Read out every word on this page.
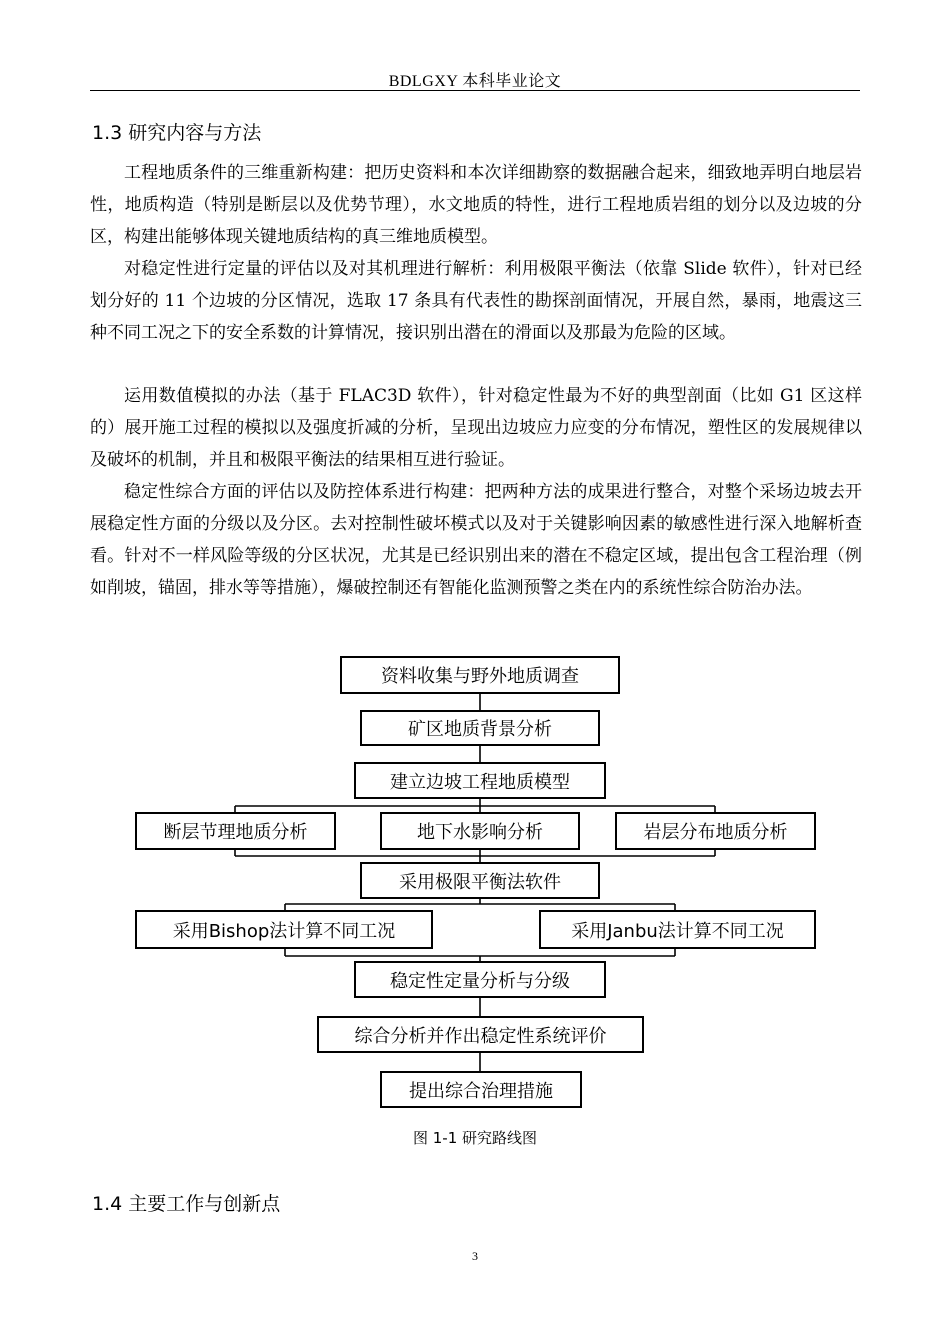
BDLGXY 本科毕业论文
1.3 研究内容与方法
工程地质条件的三维重新构建：把历史资料和本次详细勘察的数据融合起来，细致地弄明白地层岩性，地质构造（特别是断层以及优势节理），水文地质的特性，进行工程地质岩组的划分以及边坡的分区，构建出能够体现关键地质结构的真三维地质模型。
对稳定性进行定量的评估以及对其机理进行解析：利用极限平衡法（依靠 Slide 软件），针对已经划分好的 11 个边坡的分区情况，选取 17 条具有代表性的勘探剖面情况，开展自然，暴雨，地震这三种不同工况之下的安全系数的计算情况，接识别出潜在的滑面以及那最为危险的区域。
运用数值模拟的办法（基于 FLAC3D 软件），针对稳定性最为不好的典型剖面（比如 G1 区这样的）展开施工过程的模拟以及强度折减的分析，呈现出边坡应力应变的分布情况，塑性区的发展规律以及破坏的机制，并且和极限平衡法的结果相互进行验证。
稳定性综合方面的评估以及防控体系进行构建：把两种方法的成果进行整合，对整个采场边坡去开展稳定性方面的分级以及分区。去对控制性破坏模式以及对于关键影响因素的敏感性进行深入地解析查看。针对不一样风险等级的分区状况，尤其是已经识别出来的潜在不稳定区域，提出包含工程治理（例如削坡，锚固，排水等等措施），爆破控制还有智能化监测预警之类在内的系统性综合防治办法。
资料收集与野外地质调查
矿区地质背景分析
建立边坡工程地质模型
断层节理地质分析	地下水影响分析	岩层分布地质分析
采用极限平衡法软件
采用Bishop法计算不同工况	采用Janbu法计算不同工况
稳定性定量分析与分级
综合分析并作出稳定性系统评价
提出综合治理措施
图 1-1 研究路线图
1.4 主要工作与创新点
3
